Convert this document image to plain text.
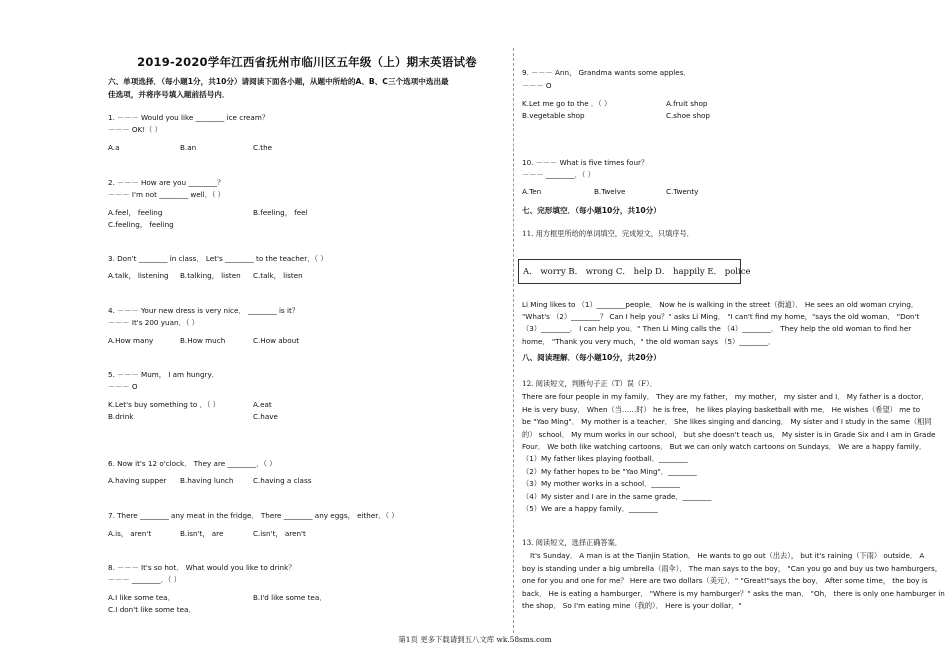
2019-2020学年江西省抚州市临川区五年级（上）期末英语试卷
六、单项选择．（每小题1分，共10分）请阅读下面各小题，从题中所给的A、B、C三个选项中选出最
佳选项，并将序号填入题前括号内．
1. －－－ Would you like ________ ice cream？
－－－ OK!（ ）
A.a	B.an	C.the
2. －－－ How are you ________？
－－－ I'm not ________ well．（ ）
A.feel， feeling	B.feeling， feel
C.feeling， feeling
3. Don't ________ in class． Let's ________ to the teacher．（ ）
A.talk， listening B.talking， listen C.talk， listen
4. －－－ Your new dress is very nice． ________ is it？
－－－ It's 200 yuan．（ ）
A.How many	B.How much	C.How about
5. －－－ Mum， I am hungry．
－－－ O
K.Let's buy something to ．（ ）	A.eat
B.drink	C.have
6. Now it's 12 o'clock． They are ________．（ ）
A.having supper B.having lunch	C.having a class
7. There ________ any meat in the fridge． There ________ any eggs， either．（ ）
A.is， aren't	B.isn't， are	C.isn't， aren't
8. －－－ It's so hot． What would you like to drink？
－－－ ________．（ ）
A.I like some tea．	B.I'd like some tea．
C.I don't like some tea．
9. －－－ Ann， Grandma wants some apples．
－－－ O
K.Let me go to the ．（ ）	A.fruit shop
B.vegetable shop	C.shoe shop
10. －－－ What is five times four？
－－－ ________．（ ）
A.Ten	B.Twelve	C.Twenty
七、完形填空．（每小题10分，共10分）
11. 用方框里所给的单词填空，完成短文，只填序号．
A． worry B． wrong C． help D． happily E． police
Li Ming likes to （1）________people． Now he is walking in the street（街道）． He sees an old woman crying．
"What's （2）________？ Can I help you？" asks Li Ming． "I can't find my home，"says the old woman． "Don't
（3）________． I can help you．" Then Li Ming calls the （4）________． They help the old woman to find her
home． "Thank you very much，" the old woman says （5）________．
八、阅读理解．（每小题10分，共20分）
12. 阅读短文，判断句子正（T）误（F）．
There are four people in my family． They are my father， my mother， my sister and I． My father is a doctor．
He is very busy． When（当……时） he is free， he likes playing basketball with me． He wishes（希望） me to
be "Yao Ming"． My mother is a teacher． She likes singing and dancing． My sister and I study in the same（相同
的） school． My mum works in our school， but she doesn't teach us． My sister is in Grade Six and I am in Grade
Four． We both like watching cartoons． But we can only watch cartoons on Sundays． We are a happy family．
（1）My father likes playing football．________
（2）My father hopes to be "Yao Ming"．________
（3）My mother works in a school．________
（4）My sister and I are in the same grade．________
（5）We are a happy family．________
13. 阅读短文，选择正确答案．
It's Sunday． A man is at the Tianjin Station． He wants to go out（出去）， but it's raining（下雨） outside． A
boy is standing under a big umbrella（雨伞）． The man says to the boy， "Can you go and buy us two hamburgers，
one for you and one for me？ Here are two dollars（美元）．" "Great!"says the boy． After some time， the boy is
back． He is eating a hamburger． "Where is my hamburger？" asks the man． "Oh， there is only one hamburger in
the shop． So I'm eating mine（我的）． Here is your dollar．"
第1页 更多下载请到五八文库 wk.58sms.com
